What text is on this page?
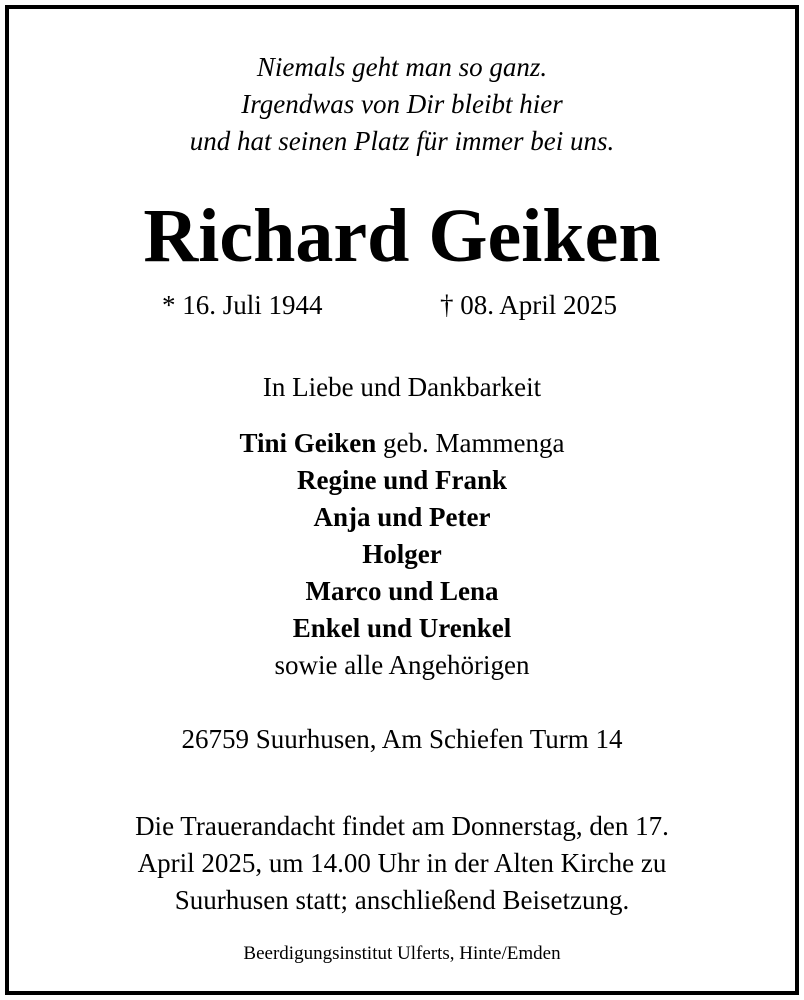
Niemals geht man so ganz.
Irgendwas von Dir bleibt hier
und hat seinen Platz für immer bei uns.
Richard Geiken
* 16. Juli 1944	† 08. April 2025
In Liebe und Dankbarkeit
Tini Geiken geb. Mammenga
Regine und Frank
Anja und Peter
Holger
Marco und Lena
Enkel und Urenkel
sowie alle Angehörigen
26759 Suurhusen, Am Schiefen Turm 14
Die Trauerandacht findet am Donnerstag, den 17.
April 2025, um 14.00 Uhr in der Alten Kirche zu
Suurhusen statt; anschließend Beisetzung.
Beerdigungsinstitut Ulferts, Hinte/Emden
